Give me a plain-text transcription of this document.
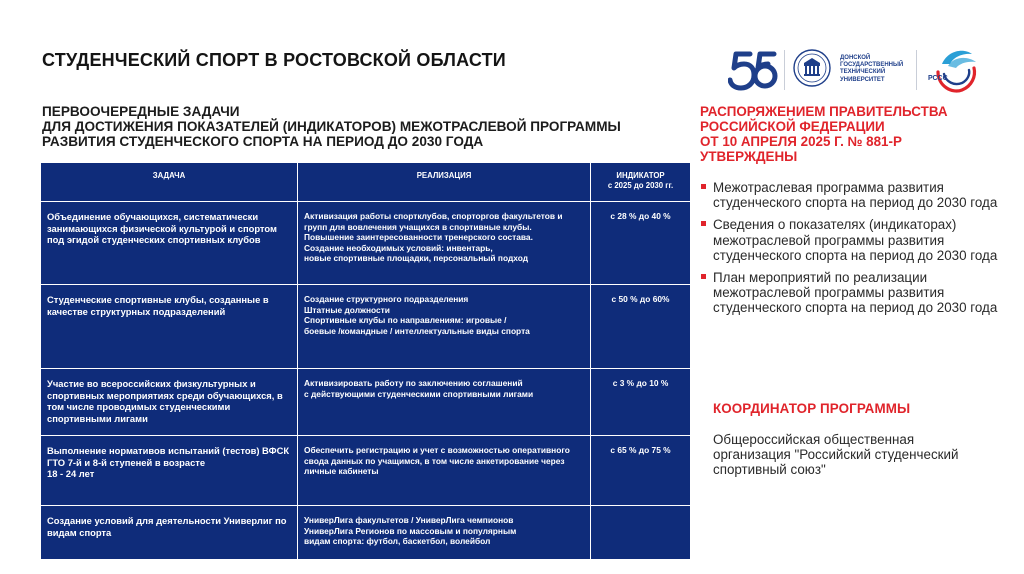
СТУДЕНЧЕСКИЙ СПОРТ В РОСТОВСКОЙ ОБЛАСТИ	ДОНСКОЙ
ГОСУДАРСТВЕННЫЙ
ТЕХНИЧЕСКИЙ
УНИВЕРСИТЕТ	РССС
ПЕРВООЧЕРЕДНЫЕ ЗАДАЧИ
ДЛЯ ДОСТИЖЕНИЯ ПОКАЗАТЕЛЕЙ (ИНДИКАТОРОВ) МЕЖОТРАСЛЕВОЙ ПРОГРАММЫ
РАЗВИТИЯ СТУДЕНЧЕСКОГО СПОРТА НА ПЕРИОД ДО 2030 ГОДА
ЗАДАЧА	РЕАЛИЗАЦИЯ	ИНДИКАТОР
с 2025 до 2030 гг.

Объединение обучающихся, систематически занимающихся физической культурой и спортом под эгидой студенческих спортивных клубов	Активизация работы спортклубов, спорторгов факультетов и групп для вовлечения учащихся в спортивные клубы.
Повышение заинтересованности тренерского состава.
Создание необходимых условий: инвентарь,
новые спортивные площадки, персональный подход	с 28 % до 40 %
Студенческие спортивные клубы, созданные в качестве структурных подразделений	Создание структурного подразделения
Штатные должности
Спортивные клубы по направлениям: игровые /
боевые /командные / интеллектуальные виды спорта	с 50 % до 60%
Участие во всероссийских физкультурных и спортивных мероприятиях среди обучающихся, в том числе проводимых студенческими спортивными лигами	Активизировать работу по заключению соглашений
с действующими студенческими спортивными лигами	с 3 % до 10 %
Выполнение нормативов испытаний (тестов) ВФСК ГТО 7-й и 8-й ступеней в возрасте
18 - 24 лет	Обеспечить регистрацию и учет с возможностью оперативного свода данных по учащимся, в том числе анкетирование через личные кабинеты	с 65 % до 75 %
Создание условий для деятельности Универлиг по видам спорта	УниверЛига факультетов / УниверЛига чемпионов
УниверЛига Регионов по массовым и популярным
видам спорта: футбол, баскетбол, волейбол	
РАСПОРЯЖЕНИЕМ ПРАВИТЕЛЬСТВА
РОССИЙСКОЙ ФЕДЕРАЦИИ
ОТ 10 АПРЕЛЯ 2025 Г. № 881-Р
УТВЕРЖДЕНЫ
Межотраслевая программа развития студенческого спорта на период до 2030 года
Сведения о показателях (индикаторах) межотраслевой программы развития студенческого спорта на период до 2030 года
План мероприятий по реализации межотраслевой программы развития студенческого спорта на период до 2030 года
КООРДИНАТОР ПРОГРАММЫ
Общероссийская общественная организация "Российский студенческий спортивный союз"
